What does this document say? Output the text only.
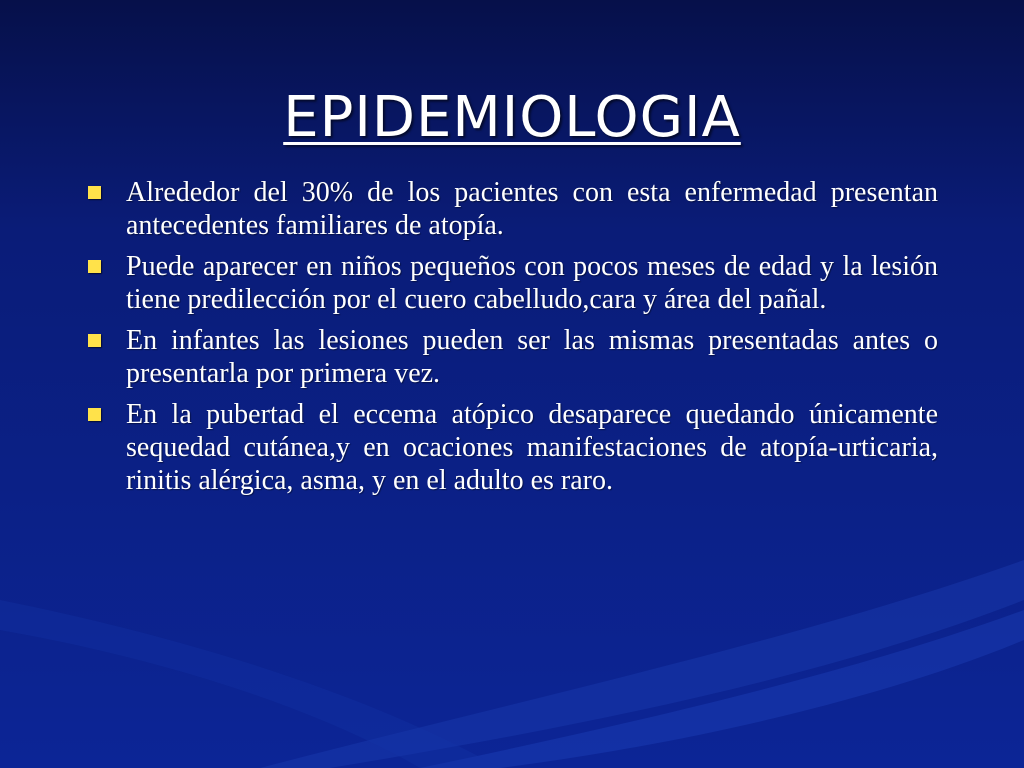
EPIDEMIOLOGIA
Alrededor del 30% de los pacientes con esta enfermedad presentan antecedentes familiares de atopía.
Puede aparecer en niños pequeños con pocos meses de edad y la lesión tiene predilección por el cuero cabelludo,cara y área del pañal.
En infantes las lesiones pueden ser las mismas presentadas antes o presentarla por primera vez.
En la pubertad el eccema atópico desaparece quedando únicamente sequedad cutánea,y en ocaciones manifestaciones de atopía-urticaria, rinitis alérgica, asma, y en el adulto es raro.
